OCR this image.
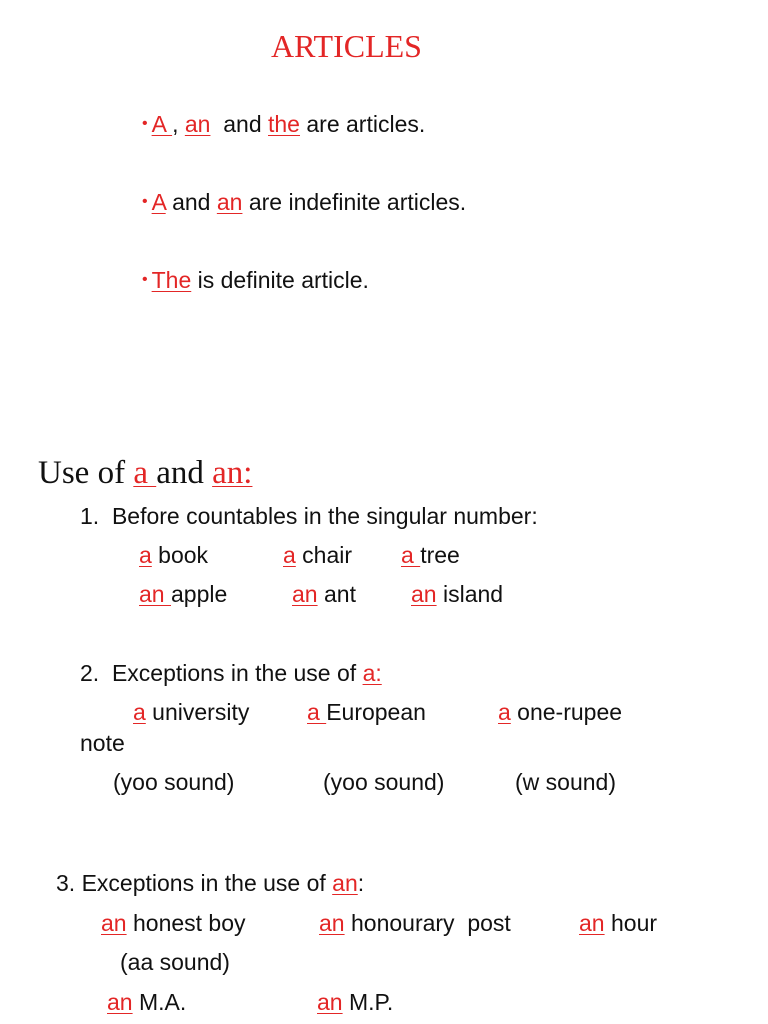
ARTICLES
• A , an  and the are articles.
• A and an are indefinite articles.
• The is definite article.
Use of a and an:
1.  Before countables in the singular number:
a book	a chair a tree
an apple	an ant an island
2.  Exceptions in the use of a:
a university	a European	a one-rupee
note
(yoo sound)	(yoo sound)	(w sound)
3. Exceptions in the use of an:
an honest boy	an honourary  post	an hour
(aa sound)
an M.A.	an M.P.
